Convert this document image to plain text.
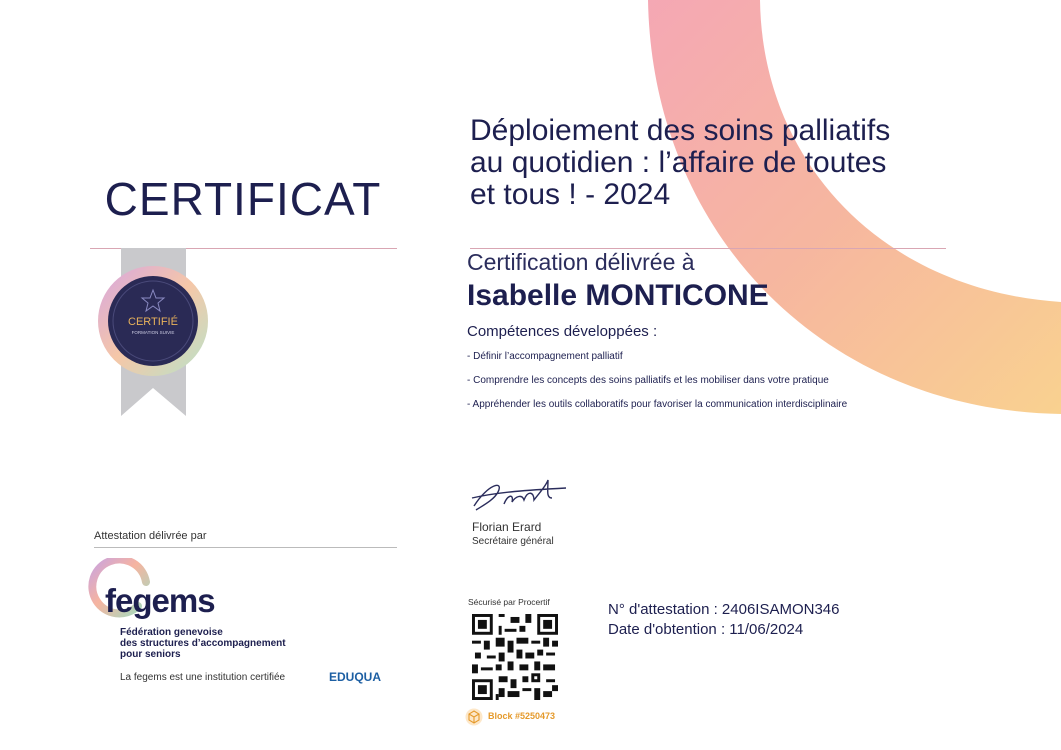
CERTIFICAT
Déploiement des soins palliatifs
au quotidien : l’affaire de toutes
et tous ! - 2024
CERTIFIÉ
FORMATION SUIVIE
Certification délivrée à
Isabelle MONTICONE
Compétences développées :
- Définir l’accompagnement palliatif
- Comprendre les concepts des soins palliatifs et les mobiliser dans votre pratique
- Appréhender les outils collaboratifs pour favoriser la communication interdisciplinaire
Florian Erard
Secrétaire général
Sécurisé par Procertif
Block #5250473
N° d'attestation : 2406ISAMON346
Date d'obtention : 11/06/2024
Attestation délivrée par
fegems
Fédération genevoise
des structures d’accompagnement
pour seniors
La fegems est une institution certifiée	EDUQUA
